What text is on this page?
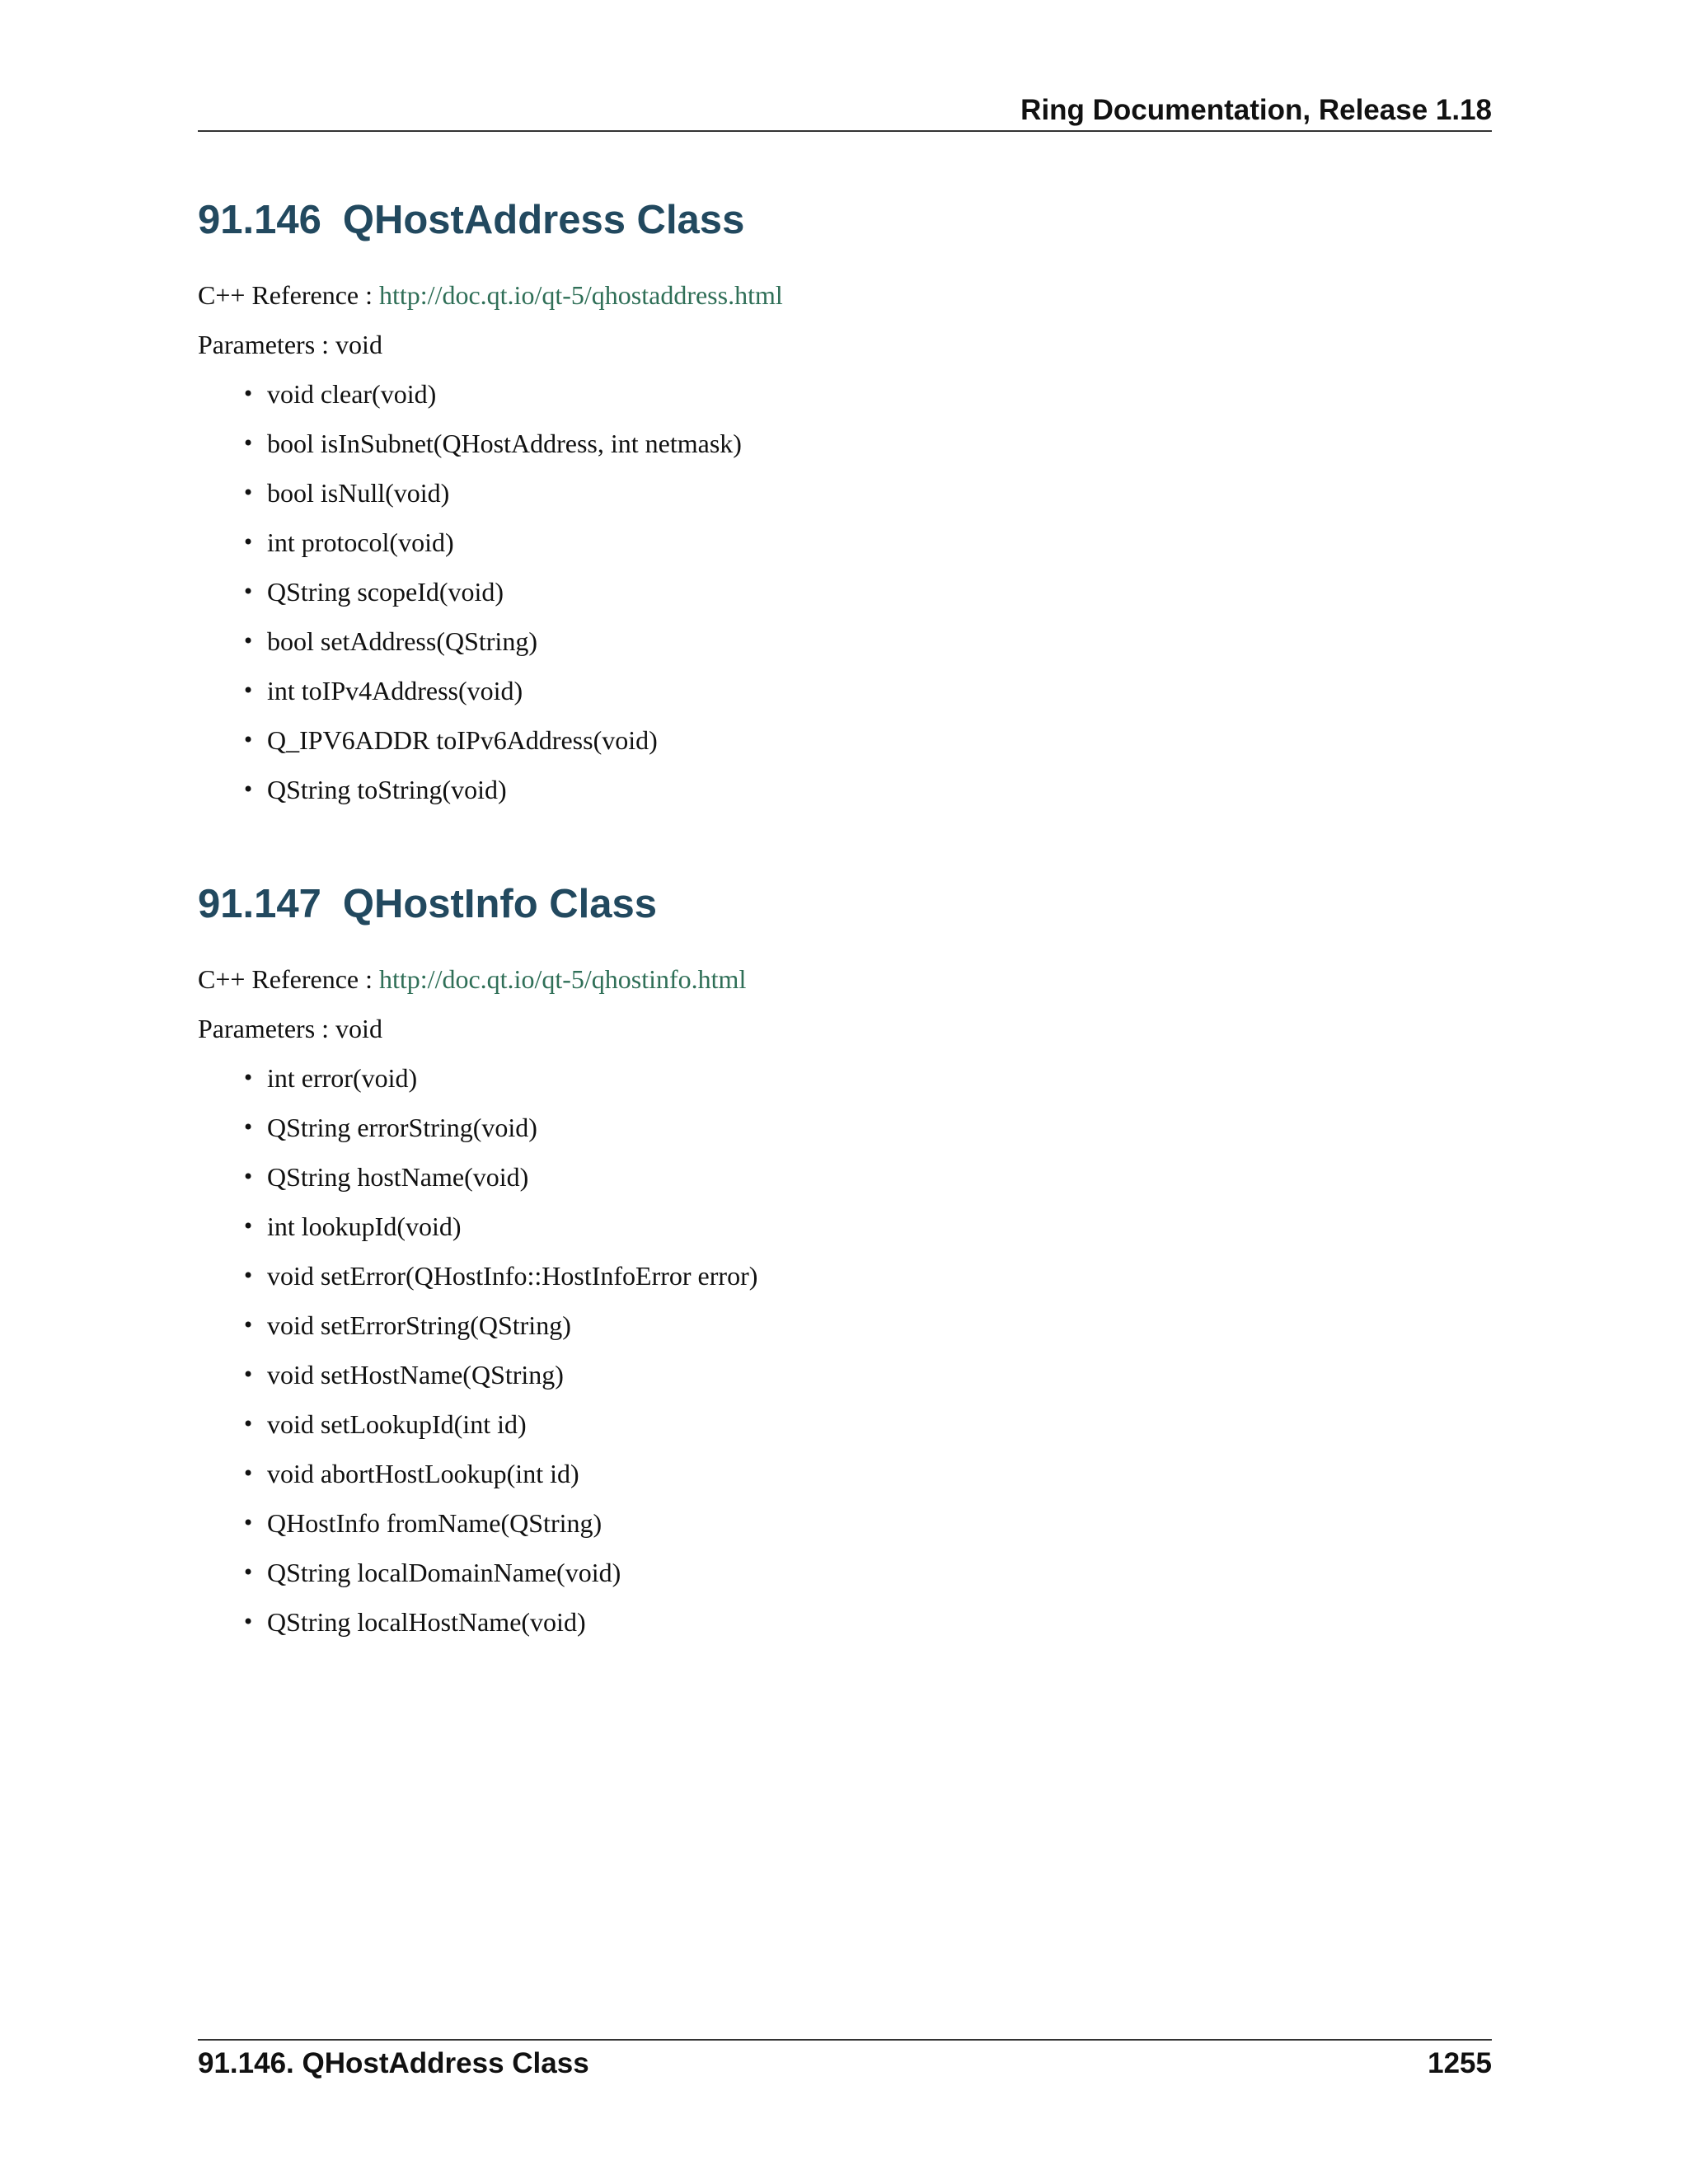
Ring Documentation, Release 1.18
91.146 QHostAddress Class

C++ Reference : http://doc.qt.io/qt-5/qhostaddress.html

Parameters : void

• void clear(void)
• bool isInSubnet(QHostAddress, int netmask)
• bool isNull(void)
• int protocol(void)
• QString scopeId(void)
• bool setAddress(QString)
• int toIPv4Address(void)
• Q_IPV6ADDR toIPv6Address(void)
• QString toString(void)
91.147 QHostInfo Class

C++ Reference : http://doc.qt.io/qt-5/qhostinfo.html

Parameters : void

• int error(void)
• QString errorString(void)
• QString hostName(void)
• int lookupId(void)
• void setError(QHostInfo::HostInfoError error)
• void setErrorString(QString)
• void setHostName(QString)
• void setLookupId(int id)
• void abortHostLookup(int id)
• QHostInfo fromName(QString)
• QString localDomainName(void)
• QString localHostName(void)
91.146. QHostAddress Class	1255
